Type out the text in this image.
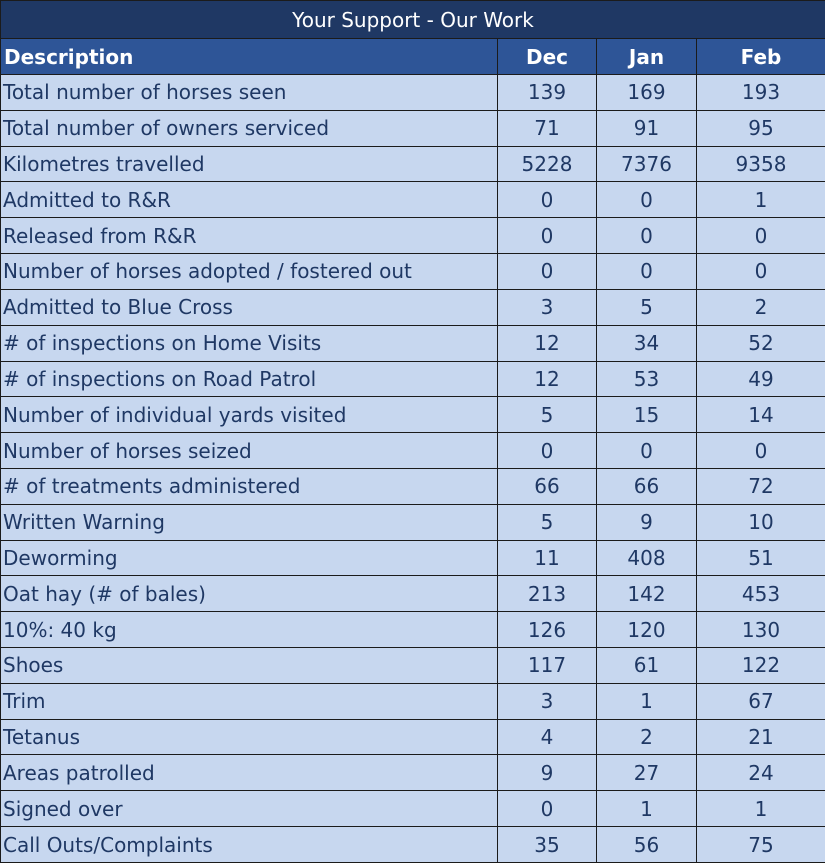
Your Support - Our Work			
Description	Dec	Jan	Feb
Total number of horses seen	139	169	193
Total number of owners serviced	71	91	95
Kilometres travelled	5228	7376	9358
Admitted to R&R	0	0	1
Released from R&R	0	0	0
Number of horses adopted / fostered out	0	0	0
Admitted to Blue Cross	3	5	2
# of inspections on Home Visits	12	34	52
# of inspections on Road Patrol	12	53	49
Number of individual yards visited	5	15	14
Number of horses seized	0	0	0
# of treatments administered	66	66	72
Written Warning	5	9	10
Deworming	11	408	51
Oat hay (# of bales)	213	142	453
10%: 40 kg	126	120	130
Shoes	117	61	122
Trim	3	1	67
Tetanus	4	2	21
Areas patrolled	9	27	24
Signed over	0	1	1
Call Outs/Complaints	35	56	75
